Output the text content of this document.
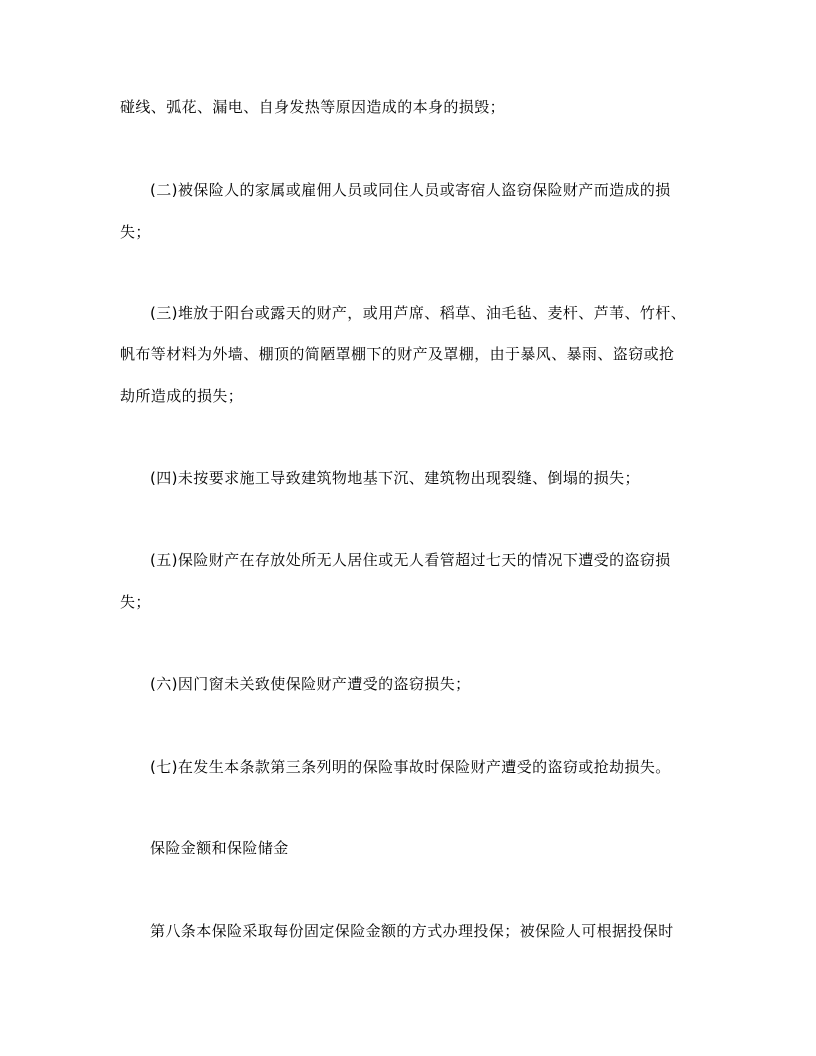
碰线、弧花、漏电、自身发热等原因造成的本身的损毁；
(二)被保险人的家属或雇佣人员或同住人员或寄宿人盗窃保险财产而造成的损
失；
(三)堆放于阳台或露天的财产，或用芦席、稻草、油毛毡、麦杆、芦苇、竹杆、
帆布等材料为外墙、棚顶的简陋罩棚下的财产及罩棚，由于暴风、暴雨、盗窃或抢
劫所造成的损失；
(四)未按要求施工导致建筑物地基下沉、建筑物出现裂缝、倒塌的损失；
(五)保险财产在存放处所无人居住或无人看管超过七天的情况下遭受的盗窃损
失；
(六)因门窗未关致使保险财产遭受的盗窃损失；
(七)在发生本条款第三条列明的保险事故时保险财产遭受的盗窃或抢劫损失。
保险金额和保险储金
第八条本保险采取每份固定保险金额的方式办理投保；被保险人可根据投保时
